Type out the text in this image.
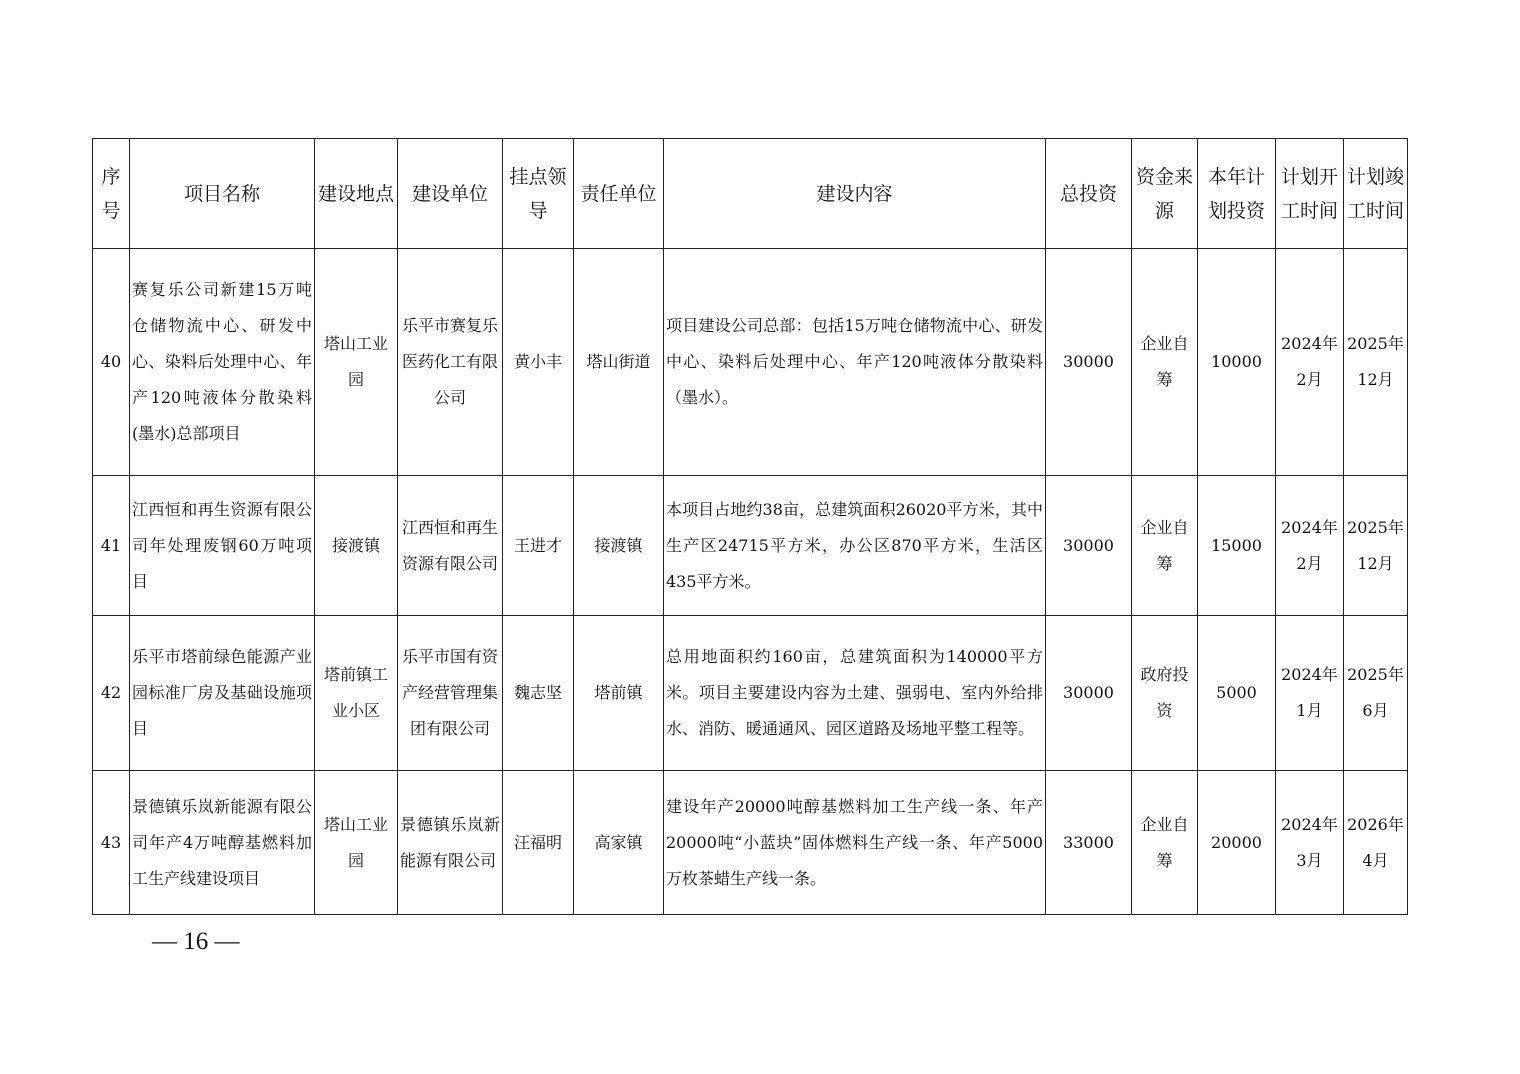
序号	项目名称	建设地点	建设单位	挂点领导	责任单位	建设内容	总投资	资金来源	本年计划投资	计划开工时间	计划竣工时间
40	赛复乐公司新建15万吨仓储物流中心、研发中心、染料后处理中心、年产120吨液体分散染料(墨水)总部项目	塔山工业园	乐平市赛复乐医药化工有限公司	黄小丰	塔山街道	项目建设公司总部：包括15万吨仓储物流中心、研发中心、染料后处理中心、年产120吨液体分散染料（墨水）。	30000	企业自筹	10000	2024年2月	2025年12月
41	江西恒和再生资源有限公司年处理废钢60万吨项目	接渡镇	江西恒和再生资源有限公司	王进才	接渡镇	本项目占地约38亩，总建筑面积26020平方米，其中生产区24715平方米，办公区870平方米，生活区435平方米。	30000	企业自筹	15000	2024年2月	2025年12月
42	乐平市塔前绿色能源产业园标准厂房及基础设施项目	塔前镇工业小区	乐平市国有资产经营管理集团有限公司	魏志坚	塔前镇	总用地面积约160亩，总建筑面积为140000平方米。项目主要建设内容为土建、强弱电、室内外给排水、消防、暖通通风、园区道路及场地平整工程等。	30000	政府投资	5000	2024年1月	2025年6月
43	景德镇乐岚新能源有限公司年产4万吨醇基燃料加工生产线建设项目	塔山工业园	景德镇乐岚新能源有限公司	汪福明	高家镇	建设年产20000吨醇基燃料加工生产线一条、年产20000吨“小蓝块”固体燃料生产线一条、年产5000万枚茶蜡生产线一条。	33000	企业自筹	20000	2024年3月	2026年4月
— 16 —
